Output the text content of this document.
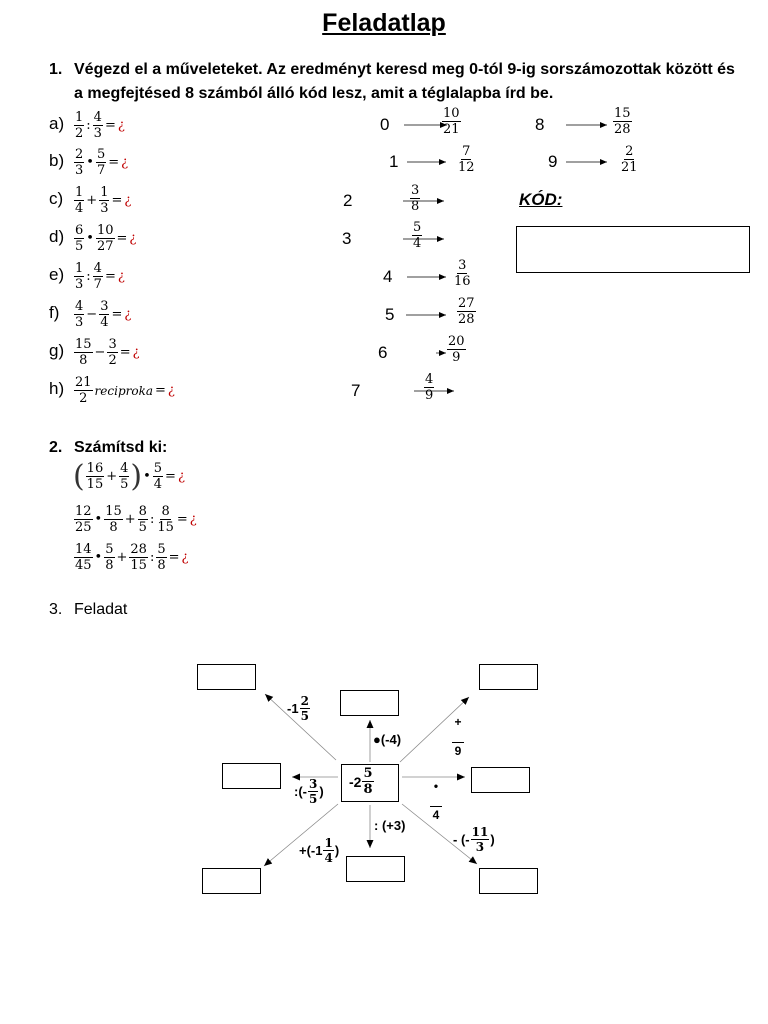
Feladatlap
1. Végezd el a műveleteket. Az eredményt keresd meg 0-tól 9-ig sorszámozottak között és
a megfejtésed 8 számból álló kód lesz, amit a téglalapba írd be.
$a) \frac{1}{2}$ : $\frac{4}{3}$ = ¿
$b) \frac{2}{3}$ • $\frac{5}{7}$ = ¿
$c) \frac{1}{4} + \frac{1}{3}$ = ¿
$d) \frac{6}{5}$ • $\frac{10}{27}$ = ¿
$e) \frac{1}{3}$ : $\frac{4}{7}$ = ¿
$f) \frac{4}{3} - \frac{3}{4}$ = ¿
$g) \frac{15}{8} - \frac{3}{2}$ = ¿
$h) \frac{21}{2}$ reciproka = ¿
0	$\frac{10}{21}$
1	$\frac{7}{12}$
2	$\frac{3}{8}$
3	$\frac{5}{4}$
4	$\frac{3}{16}$
5	$\frac{27}{28}$
6	$\frac{20}{9}$
7	$\frac{4}{9}$
8	$\frac{15}{28}$
9	$\frac{2}{21}$
KÓD:
2. Számítsd ki:
( $\frac{16}{15} + \frac{4}{5}$ ) • $\frac{5}{4}$ = ¿
$\frac{12}{25}$ • $\frac{15}{8} + \frac{8}{5}$ : $\frac{8}{15}$ = ¿
$\frac{14}{45}$ • $\frac{5}{8} + \frac{28}{15}$ : $\frac{5}{8}$ = ¿
3. Feladat
$-2 \frac{5}{8}$
$-1 \frac{2}{5}$
●(-4)
:(- $\frac{3}{5}$ )
: (+3)
$+(-1 \frac{1}{4}$ )
- (- $\frac{11}{3}$ )
+
9
•
4
